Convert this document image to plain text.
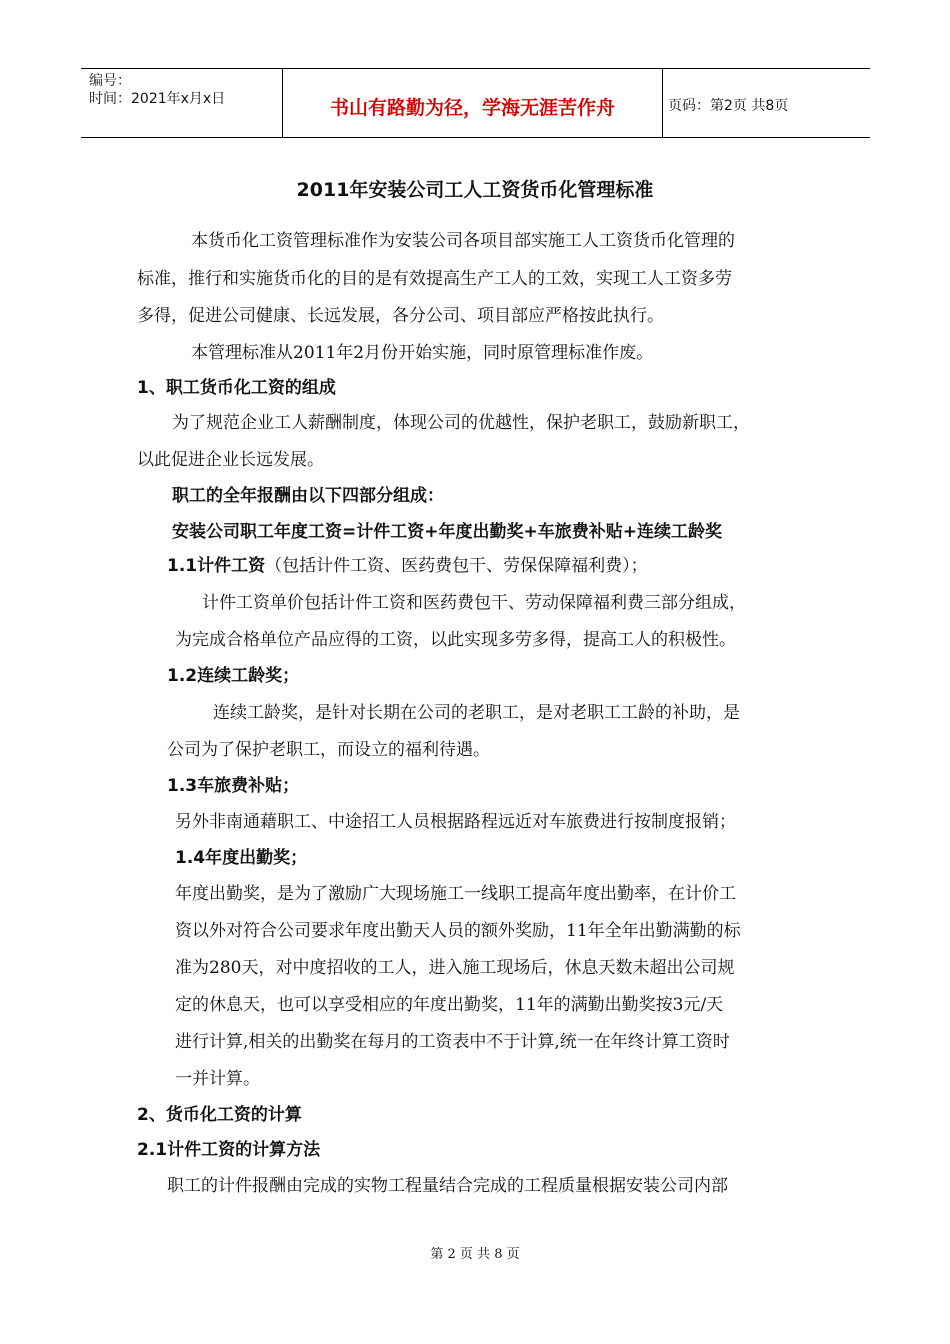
编号：
时间：2021年x月x日	书山有路勤为径，学海无涯苦作舟	页码：第2页 共8页
2011年安装公司工人工资货币化管理标准
本货币化工资管理标准作为安装公司各项目部实施工人工资货币化管理的
标准，推行和实施货币化的目的是有效提高生产工人的工效，实现工人工资多劳
多得，促进公司健康、长远发展，各分公司、项目部应严格按此执行。
本管理标准从2011年2月份开始实施，同时原管理标准作废。
1、职工货币化工资的组成
为了规范企业工人薪酬制度，体现公司的优越性，保护老职工，鼓励新职工，
以此促进企业长远发展。
职工的全年报酬由以下四部分组成：
安装公司职工年度工资=计件工资+年度出勤奖+车旅费补贴+连续工龄奖
1.1计件工资（包括计件工资、医药费包干、劳保保障福利费）；
计件工资单价包括计件工资和医药费包干、劳动保障福利费三部分组成，
为完成合格单位产品应得的工资，以此实现多劳多得，提高工人的积极性。
1.2连续工龄奖；
连续工龄奖，是针对长期在公司的老职工，是对老职工工龄的补助，是
公司为了保护老职工，而设立的福利待遇。
1.3车旅费补贴；
另外非南通藉职工、中途招工人员根据路程远近对车旅费进行按制度报销；
1.4年度出勤奖；
年度出勤奖，是为了激励广大现场施工一线职工提高年度出勤率，在计价工
资以外对符合公司要求年度出勤天人员的额外奖励，11年全年出勤满勤的标
准为280天，对中度招收的工人，进入施工现场后，休息天数未超出公司规
定的休息天，也可以享受相应的年度出勤奖，11年的满勤出勤奖按3元/天
进行计算,相关的出勤奖在每月的工资表中不于计算,统一在年终计算工资时
一并计算。
2、货币化工资的计算
2.1计件工资的计算方法
职工的计件报酬由完成的实物工程量结合完成的工程质量根据安装公司内部
第 2 页 共 8 页
